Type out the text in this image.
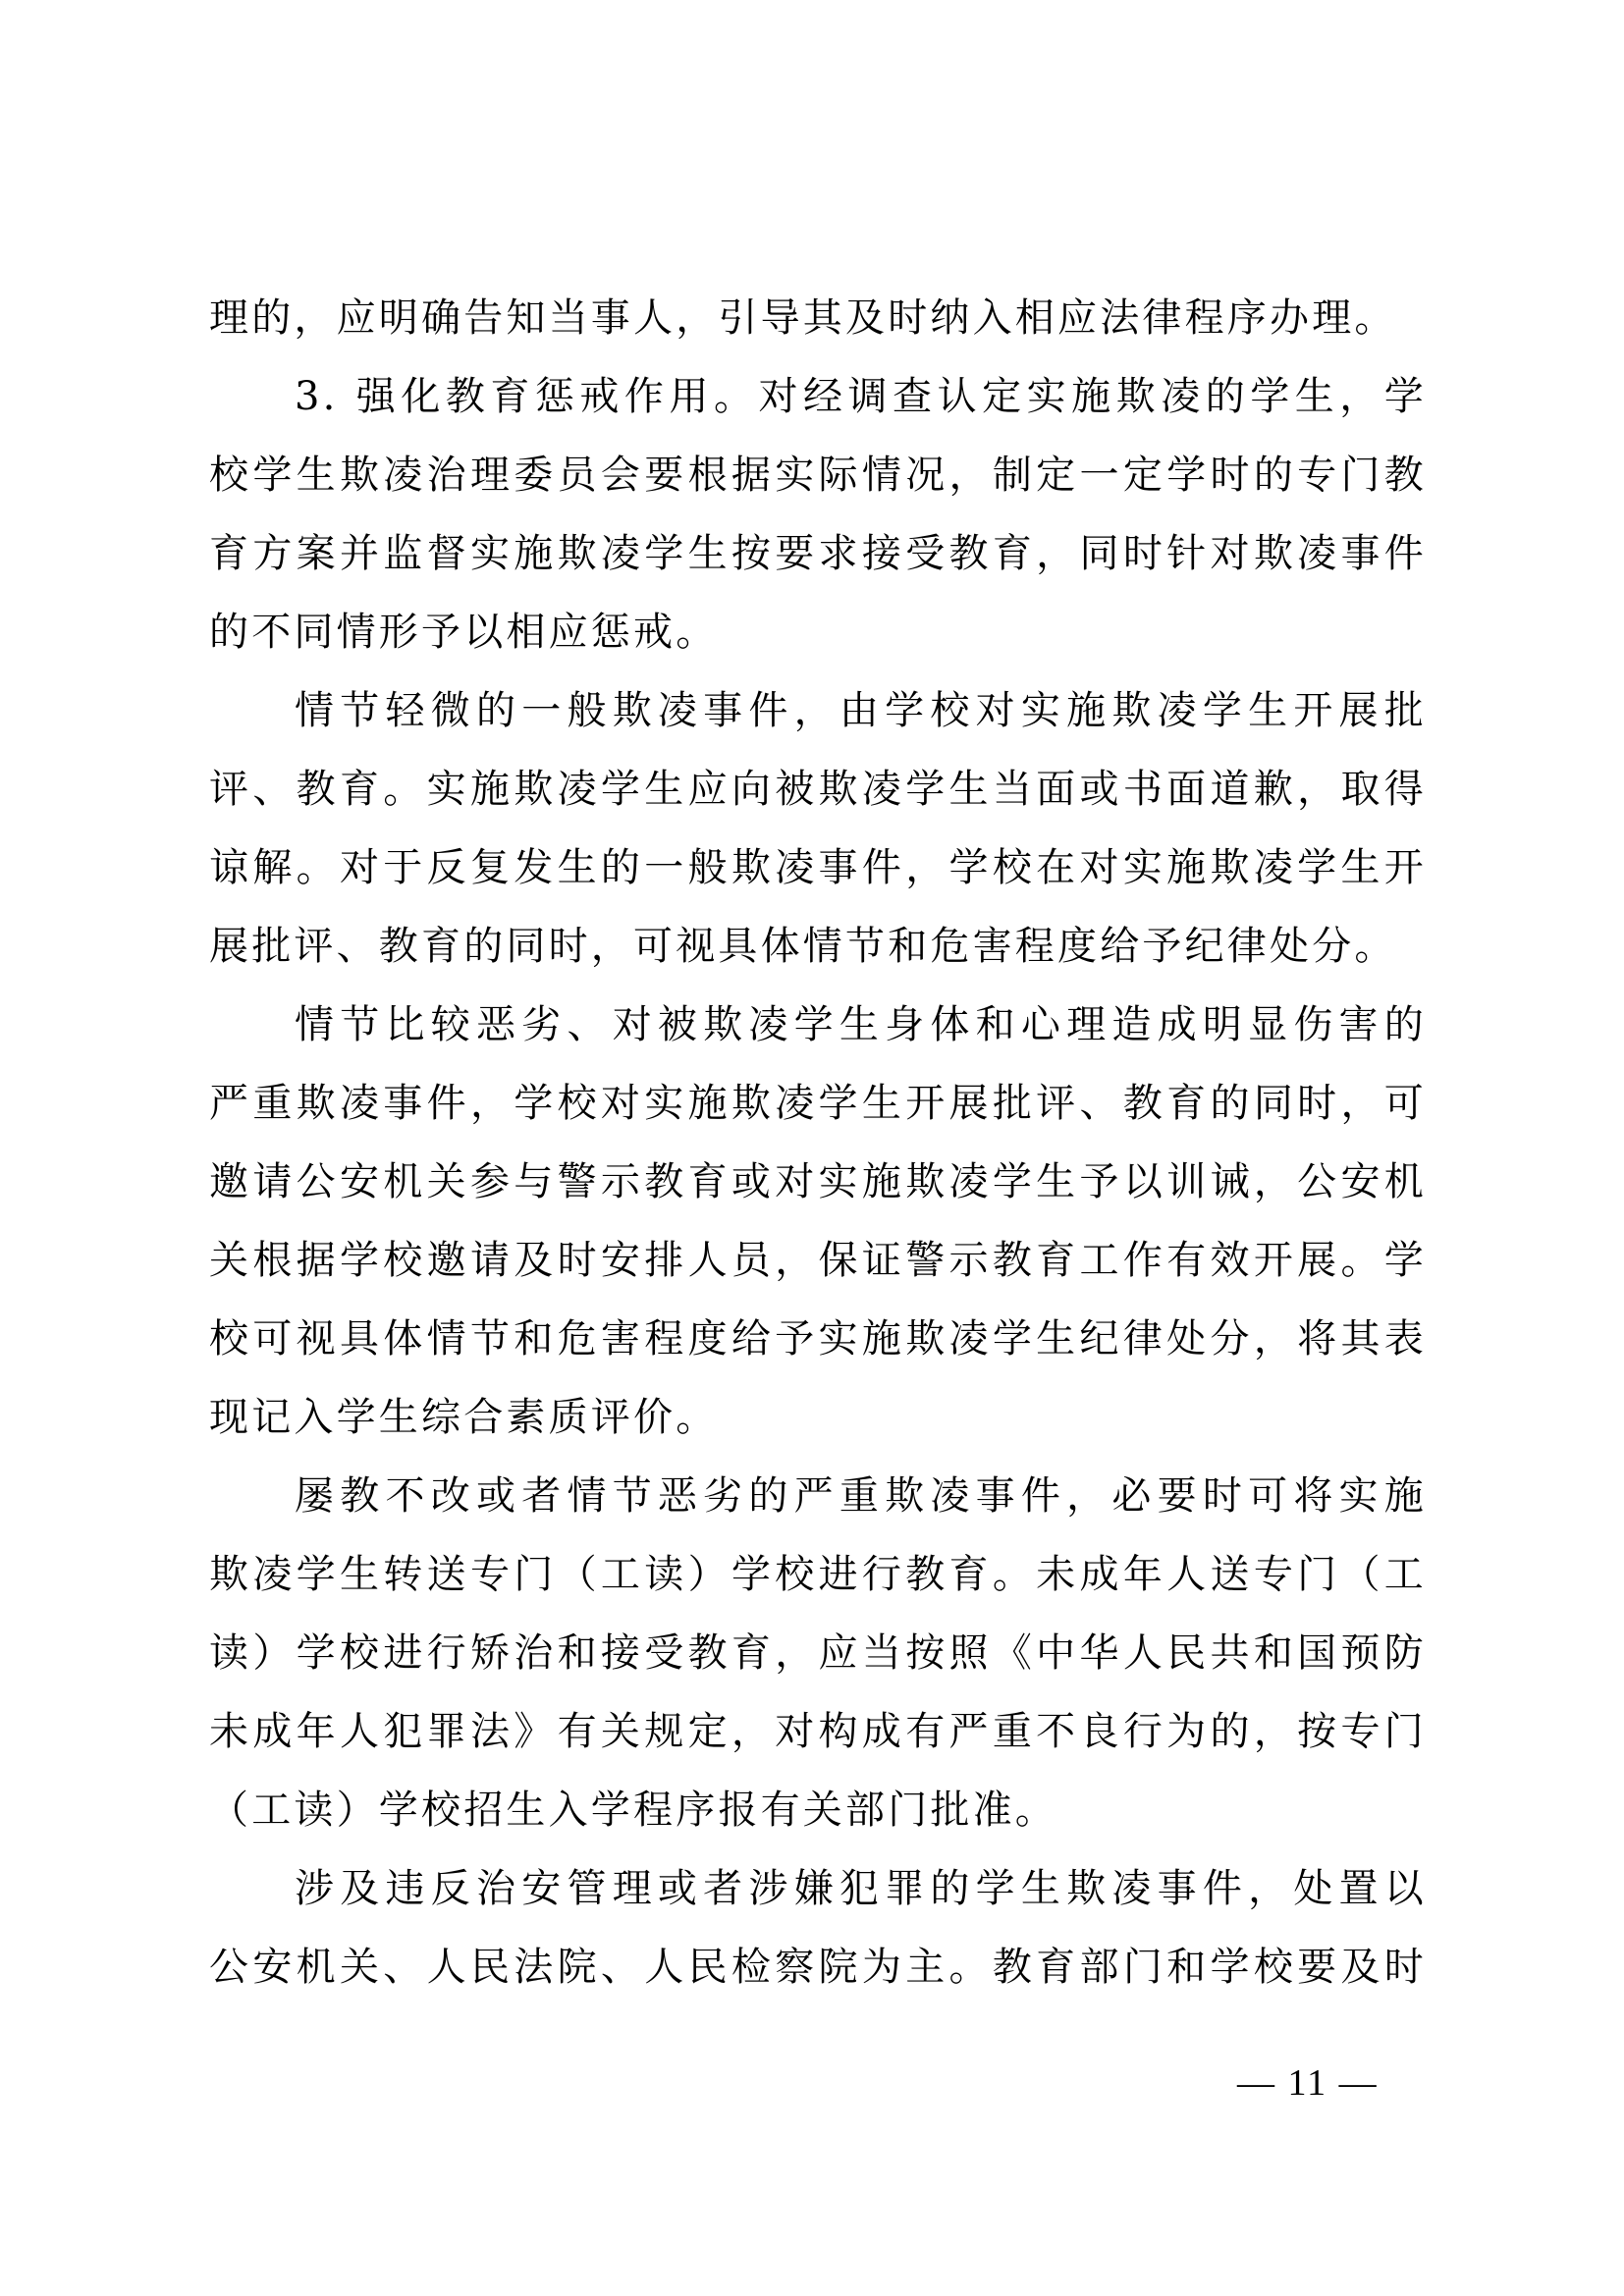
理的，应明确告知当事人，引导其及时纳入相应法律程序办理。
3. 强化教育惩戒作用。对经调查认定实施欺凌的学生，学
校学生欺凌治理委员会要根据实际情况，制定一定学时的专门教
育方案并监督实施欺凌学生按要求接受教育，同时针对欺凌事件
的不同情形予以相应惩戒。
情节轻微的一般欺凌事件，由学校对实施欺凌学生开展批
评、教育。实施欺凌学生应向被欺凌学生当面或书面道歉，取得
谅解。对于反复发生的一般欺凌事件，学校在对实施欺凌学生开
展批评、教育的同时，可视具体情节和危害程度给予纪律处分。
情节比较恶劣、对被欺凌学生身体和心理造成明显伤害的
严重欺凌事件，学校对实施欺凌学生开展批评、教育的同时，可
邀请公安机关参与警示教育或对实施欺凌学生予以训诫，公安机
关根据学校邀请及时安排人员，保证警示教育工作有效开展。学
校可视具体情节和危害程度给予实施欺凌学生纪律处分，将其表
现记入学生综合素质评价。
屡教不改或者情节恶劣的严重欺凌事件，必要时可将实施
欺凌学生转送专门（工读）学校进行教育。未成年人送专门（工
读）学校进行矫治和接受教育，应当按照《中华人民共和国预防
未成年人犯罪法》有关规定，对构成有严重不良行为的，按专门
（工读）学校招生入学程序报有关部门批准。
涉及违反治安管理或者涉嫌犯罪的学生欺凌事件，处置以
公安机关、人民法院、人民检察院为主。教育部门和学校要及时
— 11 —
